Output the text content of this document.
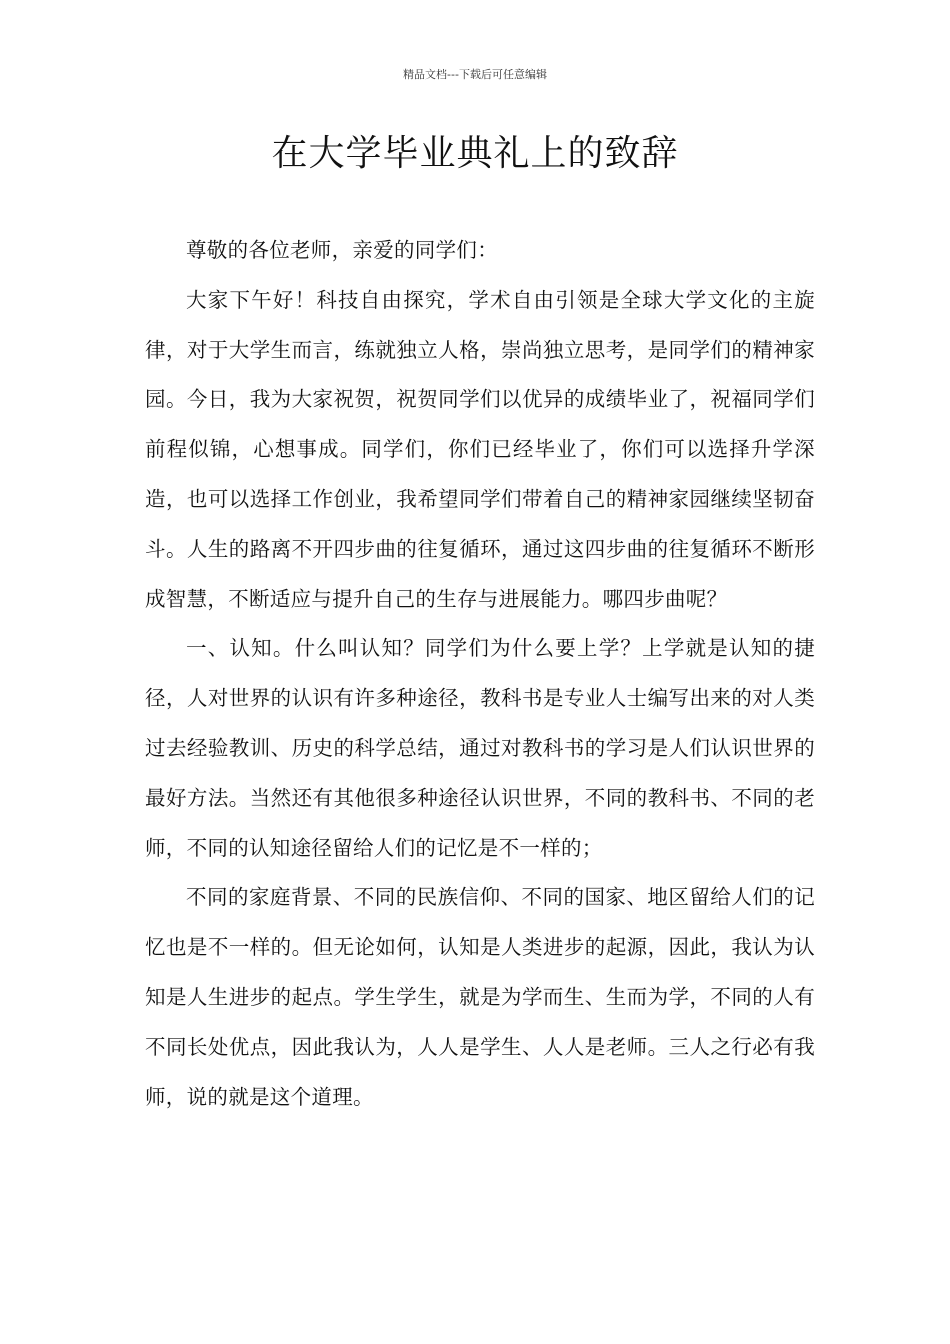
精品文档---下载后可任意编辑
在大学毕业典礼上的致辞

尊敬的各位老师，亲爱的同学们：

大家下午好！科技自由探究，学术自由引领是全球大学文化的主旋律，对于大学生而言，练就独立人格，崇尚独立思考，是同学们的精神家园。今日，我为大家祝贺，祝贺同学们以优异的成绩毕业了，祝福同学们前程似锦，心想事成。同学们，你们已经毕业了，你们可以选择升学深造，也可以选择工作创业，我希望同学们带着自己的精神家园继续坚韧奋斗。人生的路离不开四步曲的往复循环，通过这四步曲的往复循环不断形成智慧，不断适应与提升自己的生存与进展能力。哪四步曲呢？

一、认知。什么叫认知？同学们为什么要上学？上学就是认知的捷径，人对世界的认识有许多种途径，教科书是专业人士编写出来的对人类过去经验教训、历史的科学总结，通过对教科书的学习是人们认识世界的最好方法。当然还有其他很多种途径认识世界，不同的教科书、不同的老师，不同的认知途径留给人们的记忆是不一样的；

不同的家庭背景、不同的民族信仰、不同的国家、地区留给人们的记忆也是不一样的。但无论如何，认知是人类进步的起源，因此，我认为认知是人生进步的起点。学生学生，就是为学而生、生而为学，不同的人有不同长处优点，因此我认为，人人是学生、人人是老师。三人之行必有我师，说的就是这个道理。
